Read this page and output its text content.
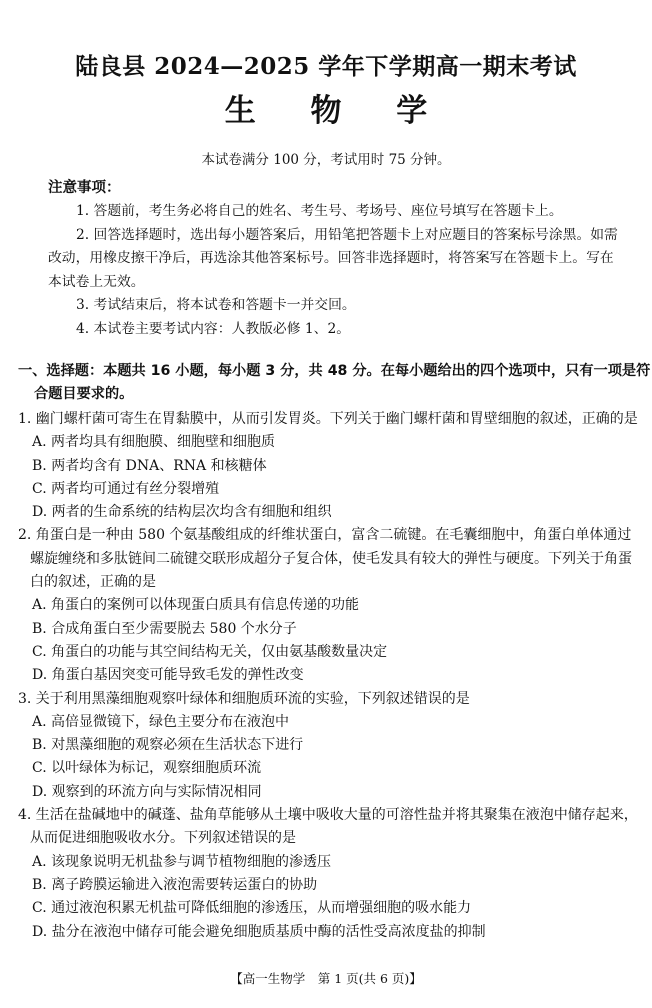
陆良县 2024—2025 学年下学期高一期末考试
生 物 学
本试卷满分 100 分，考试用时 75 分钟。
注意事项：

1. 答题前，考生务必将自己的姓名、考生号、考场号、座位号填写在答题卡上。

2. 回答选择题时，选出每小题答案后，用铅笔把答题卡上对应题目的答案标号涂黑。如需改动，用橡皮擦干净后，再选涂其他答案标号。回答非选择题时，将答案写在答题卡上。写在本试卷上无效。

3. 考试结束后，将本试卷和答题卡一并交回。

4. 本试卷主要考试内容：人教版必修 1、2。

一、选择题：本题共 16 小题，每小题 3 分，共 48 分。在每小题给出的四个选项中，只有一项是符合题目要求的。
1. 幽门螺杆菌可寄生在胃黏膜中，从而引发胃炎。下列关于幽门螺杆菌和胃壁细胞的叙述，正确的是
A. 两者均具有细胞膜、细胞壁和细胞质
B. 两者均含有 DNA、RNA 和核糖体
C. 两者均可通过有丝分裂增殖
D. 两者的生命系统的结构层次均含有细胞和组织
2. 角蛋白是一种由 580 个氨基酸组成的纤维状蛋白，富含二硫键。在毛囊细胞中，角蛋白单体通过螺旋缠绕和多肽链间二硫键交联形成超分子复合体，使毛发具有较大的弹性与硬度。下列关于角蛋白的叙述，正确的是
A. 角蛋白的案例可以体现蛋白质具有信息传递的功能
B. 合成角蛋白至少需要脱去 580 个水分子
C. 角蛋白的功能与其空间结构无关，仅由氨基酸数量决定
D. 角蛋白基因突变可能导致毛发的弹性改变
3. 关于利用黑藻细胞观察叶绿体和细胞质环流的实验，下列叙述错误的是
A. 高倍显微镜下，绿色主要分布在液泡中
B. 对黑藻细胞的观察必须在生活状态下进行
C. 以叶绿体为标记，观察细胞质环流
D. 观察到的环流方向与实际情况相同
4. 生活在盐碱地中的碱蓬、盐角草能够从土壤中吸收大量的可溶性盐并将其聚集在液泡中储存起来，从而促进细胞吸收水分。下列叙述错误的是
A. 该现象说明无机盐参与调节植物细胞的渗透压
B. 离子跨膜运输进入液泡需要转运蛋白的协助
C. 通过液泡积累无机盐可降低细胞的渗透压，从而增强细胞的吸水能力
D. 盐分在液泡中储存可能会避免细胞质基质中酶的活性受高浓度盐的抑制
【高一生物学　第 1 页(共 6 页)】
